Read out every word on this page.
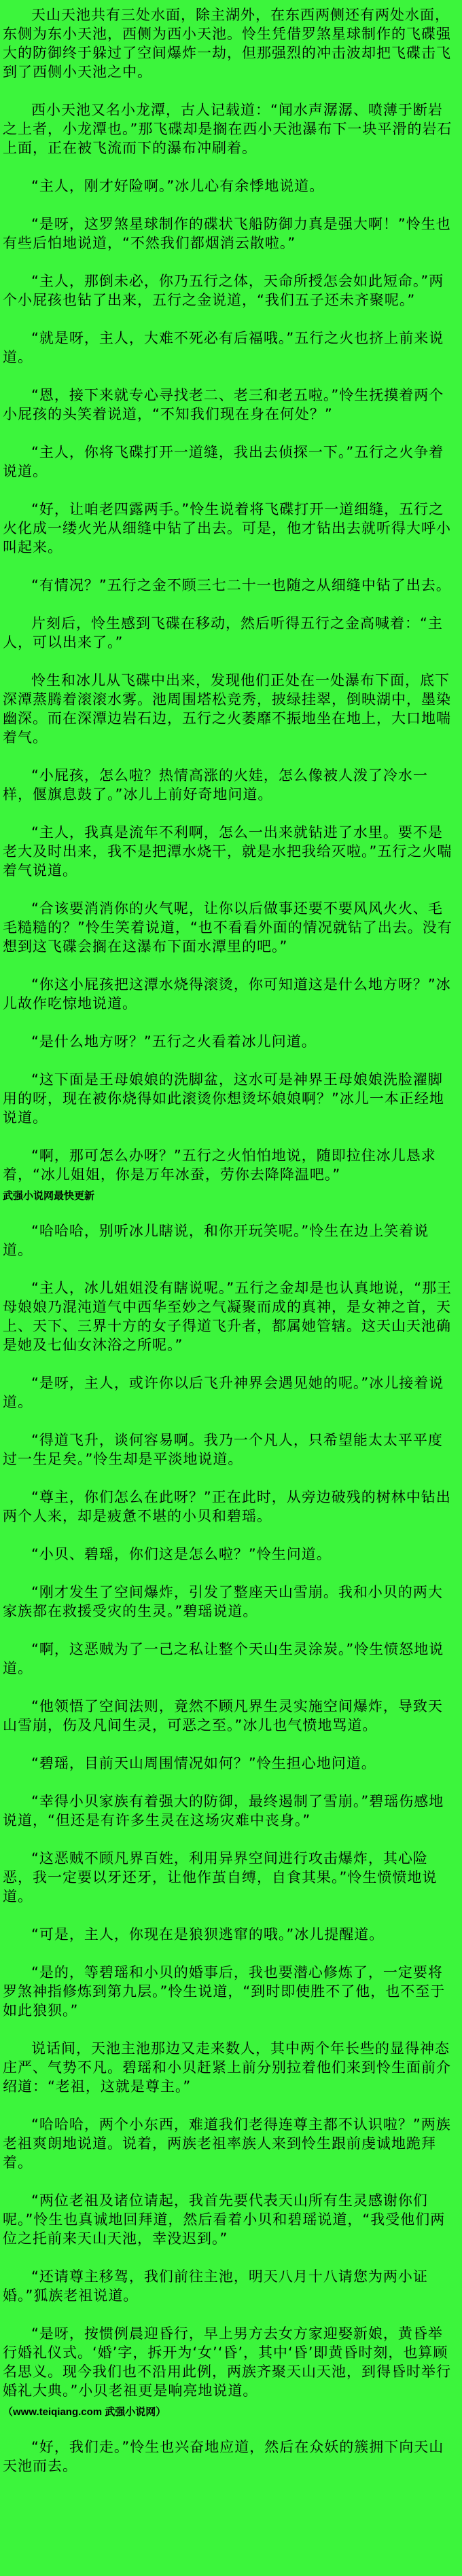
天山天池共有三处水面，除主湖外，在东西两侧还有两处水面，东侧为东小天池，西侧为西小天池。怜生凭借罗煞星球制作的飞碟强大的防御终于躲过了空间爆炸一劫，但那强烈的冲击波却把飞碟击飞到了西侧小天池之中。

西小天池又名小龙潭，古人记载道：“闻水声潺潺、喷薄于断岩之上者，小龙潭也。”那飞碟却是搁在西小天池瀑布下一块平滑的岩石上面，正在被飞流而下的瀑布冲刷着。

“主人，刚才好险啊。”冰儿心有余悸地说道。

“是呀，这罗煞星球制作的碟状飞船防御力真是强大啊！”怜生也有些后怕地说道，“不然我们都烟消云散啦。”

“主人，那倒未必，你乃五行之体，天命所授怎会如此短命。”两个小屁孩也钻了出来，五行之金说道，“我们五子还未齐聚呢。”

“就是呀，主人，大难不死必有后福哦。”五行之火也挤上前来说道。

“恩，接下来就专心寻找老二、老三和老五啦。”怜生抚摸着两个小屁孩的头笑着说道，“不知我们现在身在何处？”

“主人，你将飞碟打开一道缝，我出去侦探一下。”五行之火争着说道。

“好，让咱老四露两手。”怜生说着将飞碟打开一道细缝，五行之火化成一缕火光从细缝中钻了出去。可是，他才钻出去就听得大呼小叫起来。

“有情况？”五行之金不顾三七二十一也随之从细缝中钻了出去。

片刻后，怜生感到飞碟在移动，然后听得五行之金高喊着：“主人，可以出来了。”

怜生和冰儿从飞碟中出来，发现他们正处在一处瀑布下面，底下深潭蒸腾着滚滚水雾。池周围塔松竞秀，披绿挂翠，倒映湖中，墨染幽深。而在深潭边岩石边，五行之火萎靡不振地坐在地上，大口地喘着气。

“小屁孩，怎么啦？热情高涨的火娃，怎么像被人泼了冷水一样，偃旗息鼓了。”冰儿上前好奇地问道。

“主人，我真是流年不利啊，怎么一出来就钻进了水里。要不是老大及时出来，我不是把潭水烧干，就是水把我给灭啦。”五行之火喘着气说道。

“合该要消消你的火气呢，让你以后做事还要不要风风火火、毛毛糙糙的？”怜生笑着说道，“也不看看外面的情况就钻了出去。没有想到这飞碟会搁在这瀑布下面水潭里的吧。”

“你这小屁孩把这潭水烧得滚烫，你可知道这是什么地方呀？”冰儿故作吃惊地说道。

“是什么地方呀？”五行之火看着冰儿问道。

“这下面是王母娘娘的洗脚盆，这水可是神界王母娘娘洗脸濯脚用的呀，现在被你烧得如此滚烫你想烫坏娘娘啊？”冰儿一本正经地说道。

“啊，那可怎么办呀？”五行之火怕怕地说，随即拉住冰儿恳求着，“冰儿姐姐，你是万年冰蚕，劳你去降降温吧。”

武强小说网最快更新

“哈哈哈，别听冰儿瞎说，和你开玩笑呢。”怜生在边上笑着说道。

“主人，冰儿姐姐没有瞎说呢。”五行之金却是也认真地说，“那王母娘娘乃混沌道气中西华至妙之气凝聚而成的真神，是女神之首，天上、天下、三界十方的女子得道飞升者，都属她管辖。这天山天池确是她及七仙女沐浴之所呢。”

“是呀，主人，或许你以后飞升神界会遇见她的呢。”冰儿接着说道。

“得道飞升，谈何容易啊。我乃一个凡人，只希望能太太平平度过一生足矣。”怜生却是平淡地说道。

“尊主，你们怎么在此呀？”正在此时，从旁边破残的树林中钻出两个人来，却是疲惫不堪的小贝和碧瑶。

“小贝、碧瑶，你们这是怎么啦？”怜生问道。

“刚才发生了空间爆炸，引发了整座天山雪崩。我和小贝的两大家族都在救援受灾的生灵。”碧瑶说道。

“啊，这恶贼为了一己之私让整个天山生灵涂炭。”怜生愤怒地说道。

“他领悟了空间法则，竟然不顾凡界生灵实施空间爆炸，导致天山雪崩，伤及凡间生灵，可恶之至。”冰儿也气愤地骂道。

“碧瑶，目前天山周围情况如何？”怜生担心地问道。

“幸得小贝家族有着强大的防御，最终遏制了雪崩。”碧瑶伤感地说道，“但还是有许多生灵在这场灾难中丧身。”

“这恶贼不顾凡界百姓，利用异界空间进行攻击爆炸，其心险恶，我一定要以牙还牙，让他作茧自缚，自食其果。”怜生愤愤地说道。

“可是，主人，你现在是狼狈逃窜的哦。”冰儿提醒道。

“是的，等碧瑶和小贝的婚事后，我也要潜心修炼了，一定要将罗煞神指修炼到第九层。”怜生说道，“到时即使胜不了他，也不至于如此狼狈。”

说话间，天池主池那边又走来数人，其中两个年长些的显得神态庄严、气势不凡。碧瑶和小贝赶紧上前分别拉着他们来到怜生面前介绍道：“老祖，这就是尊主。”

“哈哈哈，两个小东西，难道我们老得连尊主都不认识啦？”两族老祖爽朗地说道。说着，两族老祖率族人来到怜生跟前虔诚地跪拜着。

“两位老祖及诸位请起，我首先要代表天山所有生灵感谢你们呢。”怜生也真诚地回拜道，然后看着小贝和碧瑶说道，“我受他们两位之托前来天山天池，幸没迟到。”

“还请尊主移驾，我们前往主池，明天八月十八请您为两小证婚。”狐族老祖说道。

“是呀，按惯例晨迎昏行，早上男方去女方家迎娶新娘，黄昏举行婚礼仪式。‘婚’字，拆开为‘女’‘昏’，其中‘昏’即黄昏时刻，也算顾名思义。现今我们也不沿用此例，两族齐聚天山天池，到得昏时举行婚礼大典。”小贝老祖更是响亮地说道。

（www.teiqiang.com 武强小说网）

“好，我们走。”怜生也兴奋地应道，然后在众妖的簇拥下向天山天池而去。
